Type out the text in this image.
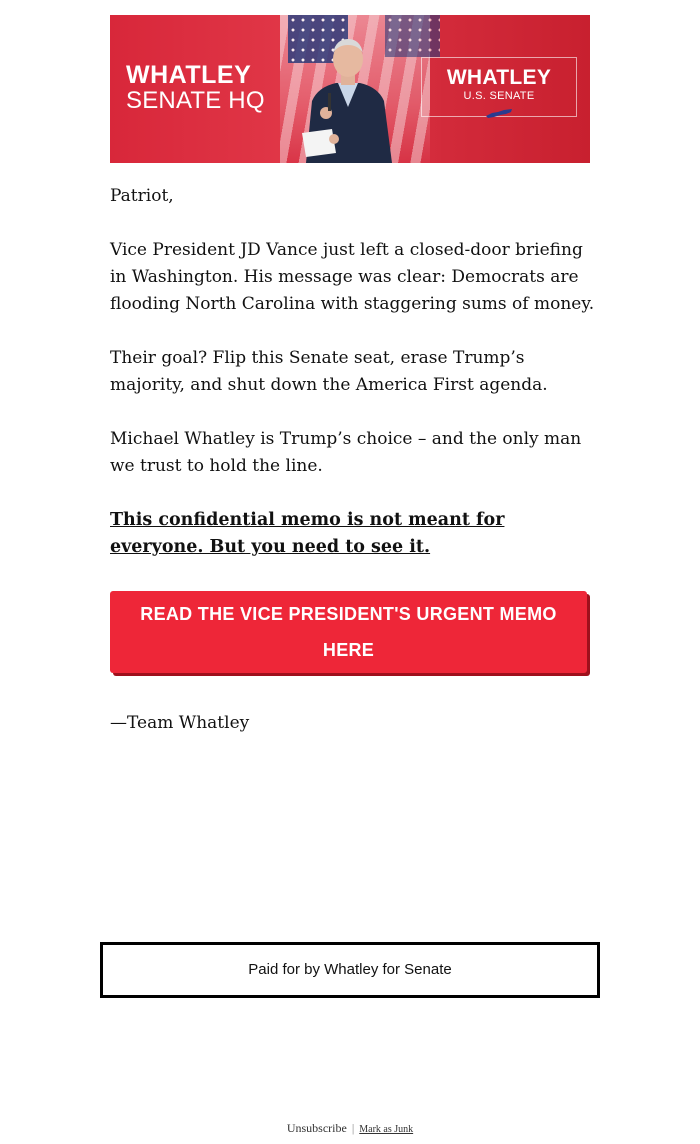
WHATLEY
SENATE HQ
WHATLEY
U.S. SENATE

Patriot,

Vice President JD Vance just left a closed-door briefing in Washington. His message was clear: Democrats are flooding North Carolina with staggering sums of money.

Their goal? Flip this Senate seat, erase Trump’s majority, and shut down the America First agenda.

Michael Whatley is Trump’s choice – and the only man we trust to hold the line.

This confidential memo is not meant for everyone. But you need to see it.

READ THE VICE PRESIDENT'S URGENT MEMO HERE
—Team Whatley
Paid for by Whatley for Senate
Unsubscribe | Mark as Junk
